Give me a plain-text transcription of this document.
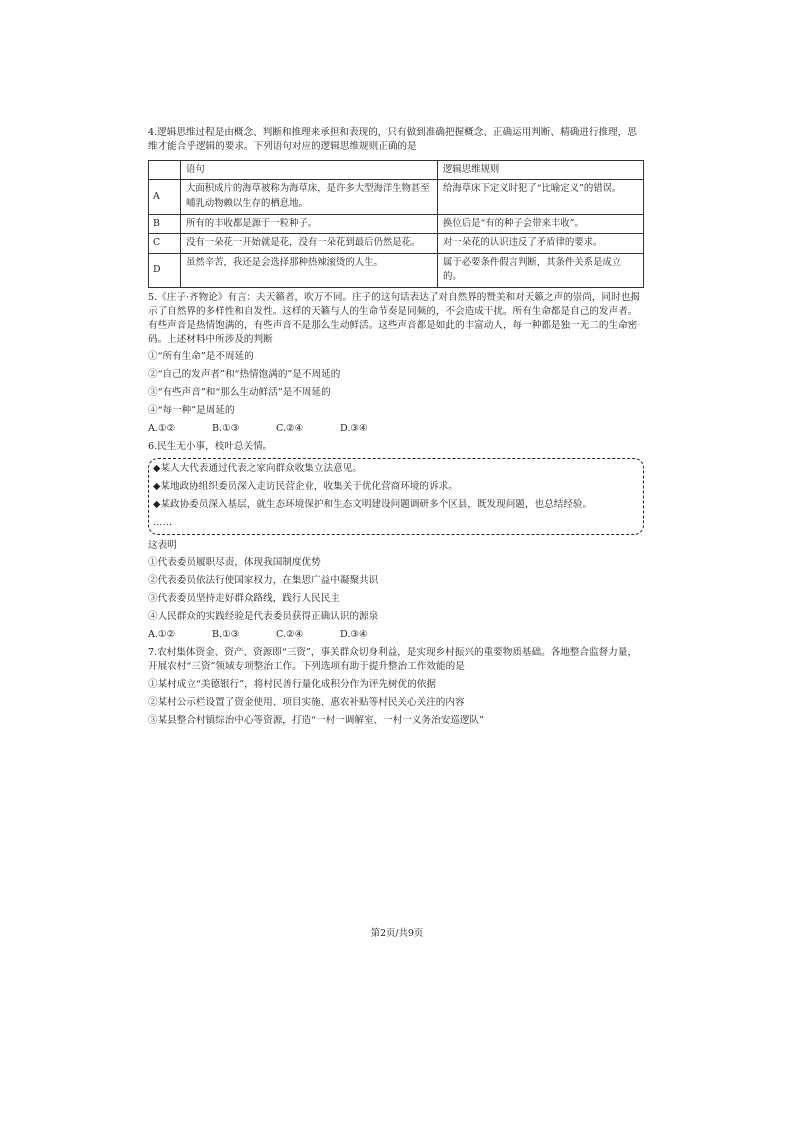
4.逻辑思维过程是由概念、判断和推理来承担和表现的，只有做到准确把握概念、正确运用判断、精确进行推理，思维才能合乎逻辑的要求。下列语句对应的逻辑思维规则正确的是
	语句	逻辑思维规则
A	大面积成片的海草被称为海草床，是许多大型海洋生物甚至哺乳动物赖以生存的栖息地。	给海草床下定义时犯了“比喻定义”的错误。
B	所有的丰收都是源于一粒种子。	换位后是“有的种子会带来丰收”。
C	没有一朵花一开始就是花，没有一朵花到最后仍然是花。	对一朵花的认识违反了矛盾律的要求。
D	虽然辛苦，我还是会选择那种热辣滚烫的人生。	属于必要条件假言判断，其条件关系是成立的。
5.《庄子·齐物论》有言：夫天籁者，吹万不同。庄子的这句话表达了对自然界的赞美和对天籁之声的崇尚，同时也揭示了自然界的多样性和自发性。这样的天籁与人的生命节奏是同频的，不会造成干扰。所有生命都是自己的发声者。有些声音是热情饱满的，有些声音不是那么生动鲜活。这些声音都是如此的丰富动人，每一种都是独一无二的生命密码。上述材料中所涉及的判断
①“所有生命”是不周延的
②“自己的发声者”和“热情饱满的”是不周延的
③“有些声音”和“那么生动鲜活”是不周延的
④“每一种”是周延的
A.①②	B.①③	C.②④	D.③④
6.民生无小事，枝叶总关情。
◆某人大代表通过代表之家向群众收集立法意见。
◆某地政协组织委员深入走访民营企业，收集关于优化营商环境的诉求。
◆某政协委员深入基层，就生态环境保护和生态文明建设问题调研多个区县，既发现问题，也总结经验。
……
这表明
①代表委员履职尽责，体现我国制度优势
②代表委员依法行使国家权力，在集思广益中凝聚共识
③代表委员坚持走好群众路线，践行人民民主
④人民群众的实践经验是代表委员获得正确认识的源泉
A.①②	B.①③	C.②④	D.③④
7.农村集体资金、资产、资源即“三资”，事关群众切身利益，是实现乡村振兴的重要物质基础。各地整合监督力量，开展农村“三资”领域专项整治工作。下列选项有助于提升整治工作效能的是
①某村成立“美德银行”，将村民善行量化成积分作为评先树优的依据
②某村公示栏设置了资金使用、项目实施、惠农补贴等村民关心关注的内容
③某县整合村镇综治中心等资源，打造“一村一调解室、一村一义务治安巡逻队”
第2页/共9页
